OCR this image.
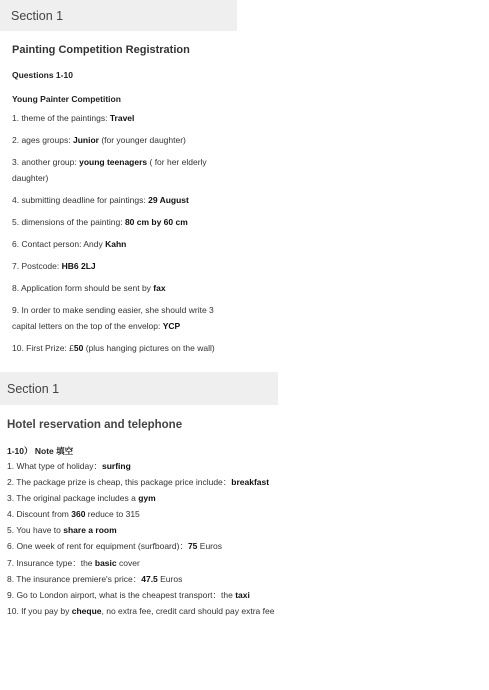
Section 1
Painting Competition Registration
Questions 1-10
Young Painter Competition
1. theme of the paintings: Travel
2. ages groups: Junior (for younger daughter)
3. another group: young teenagers ( for her elderly daughter)
4. submitting deadline for paintings: 29 August
5. dimensions of the painting: 80 cm by 60 cm
6. Contact person: Andy Kahn
7. Postcode: HB6 2LJ
8. Application form should be sent by fax
9. In order to make sending easier, she should write 3 capital letters on the top of the envelop: YCP
10. First Prize: £50 (plus hanging pictures on the wall)
Section 1
Hotel reservation and telephone
1-10） Note 填空
1. What type of holiday：surfing
2. The package prize is cheap, this package price include：breakfast
3. The original package includes a gym
4. Discount from 360 reduce to 315
5. You have to share a room
6. One week of rent for equipment (surfboard)：75 Euros
7. Insurance type：the basic cover
8. The insurance premiere's price：47.5 Euros
9. Go to London airport, what is the cheapest transport：the taxi
10. If you pay by cheque, no extra fee, credit card should pay extra fee
